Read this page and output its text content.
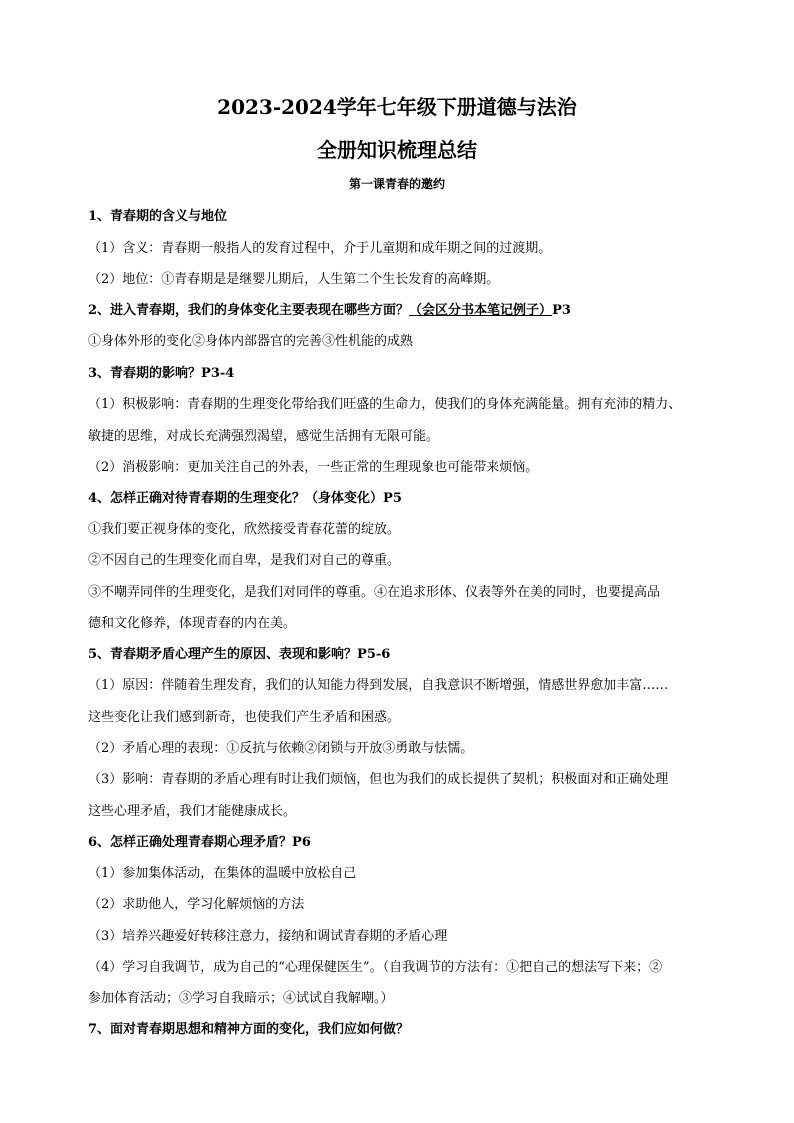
2023-2024学年七年级下册道德与法治
全册知识梳理总结
第一课青春的邀约
1、青春期的含义与地位
（1）含义：青春期一般指人的发育过程中，介于儿童期和成年期之间的过渡期。
（2）地位：①青春期是是继婴儿期后，人生第二个生长发育的高峰期。
2、进入青春期，我们的身体变化主要表现在哪些方面？（会区分书本笔记例子）P3
①身体外形的变化②身体内部器官的完善③性机能的成熟
3、青春期的影响？P3-4
（1）积极影响：青春期的生理变化带给我们旺盛的生命力，使我们的身体充满能量。拥有充沛的精力、
敏捷的思维，对成长充满强烈渴望，感觉生活拥有无限可能。
（2）消极影响：更加关注自己的外表，一些正常的生理现象也可能带来烦恼。
4、怎样正确对待青春期的生理变化？（身体变化）P5
①我们要正视身体的变化，欣然接受青春花蕾的绽放。
②不因自己的生理变化而自卑，是我们对自己的尊重。
③不嘲弄同伴的生理变化，是我们对同伴的尊重。④在追求形体、仪表等外在美的同时，也要提高品
德和文化修养，体现青春的内在美。
5、青春期矛盾心理产生的原因、表现和影响？P5-6
（1）原因：伴随着生理发育，我们的认知能力得到发展，自我意识不断增强，情感世界愈加丰富……
这些变化让我们感到新奇，也使我们产生矛盾和困惑。
（2）矛盾心理的表现：①反抗与依赖②闭锁与开放③勇敢与怯懦。
（3）影响：青春期的矛盾心理有时让我们烦恼，但也为我们的成长提供了契机；积极面对和正确处理
这些心理矛盾，我们才能健康成长。
6、怎样正确处理青春期心理矛盾？P6
（1）参加集体活动，在集体的温暖中放松自己
（2）求助他人，学习化解烦恼的方法
（3）培养兴趣爱好转移注意力，接纳和调试青春期的矛盾心理
（4）学习自我调节，成为自己的“心理保健医生”。（自我调节的方法有：①把自己的想法写下来；②
参加体育活动；③学习自我暗示；④试试自我解嘲。）
7、面对青春期思想和精神方面的变化，我们应如何做？
